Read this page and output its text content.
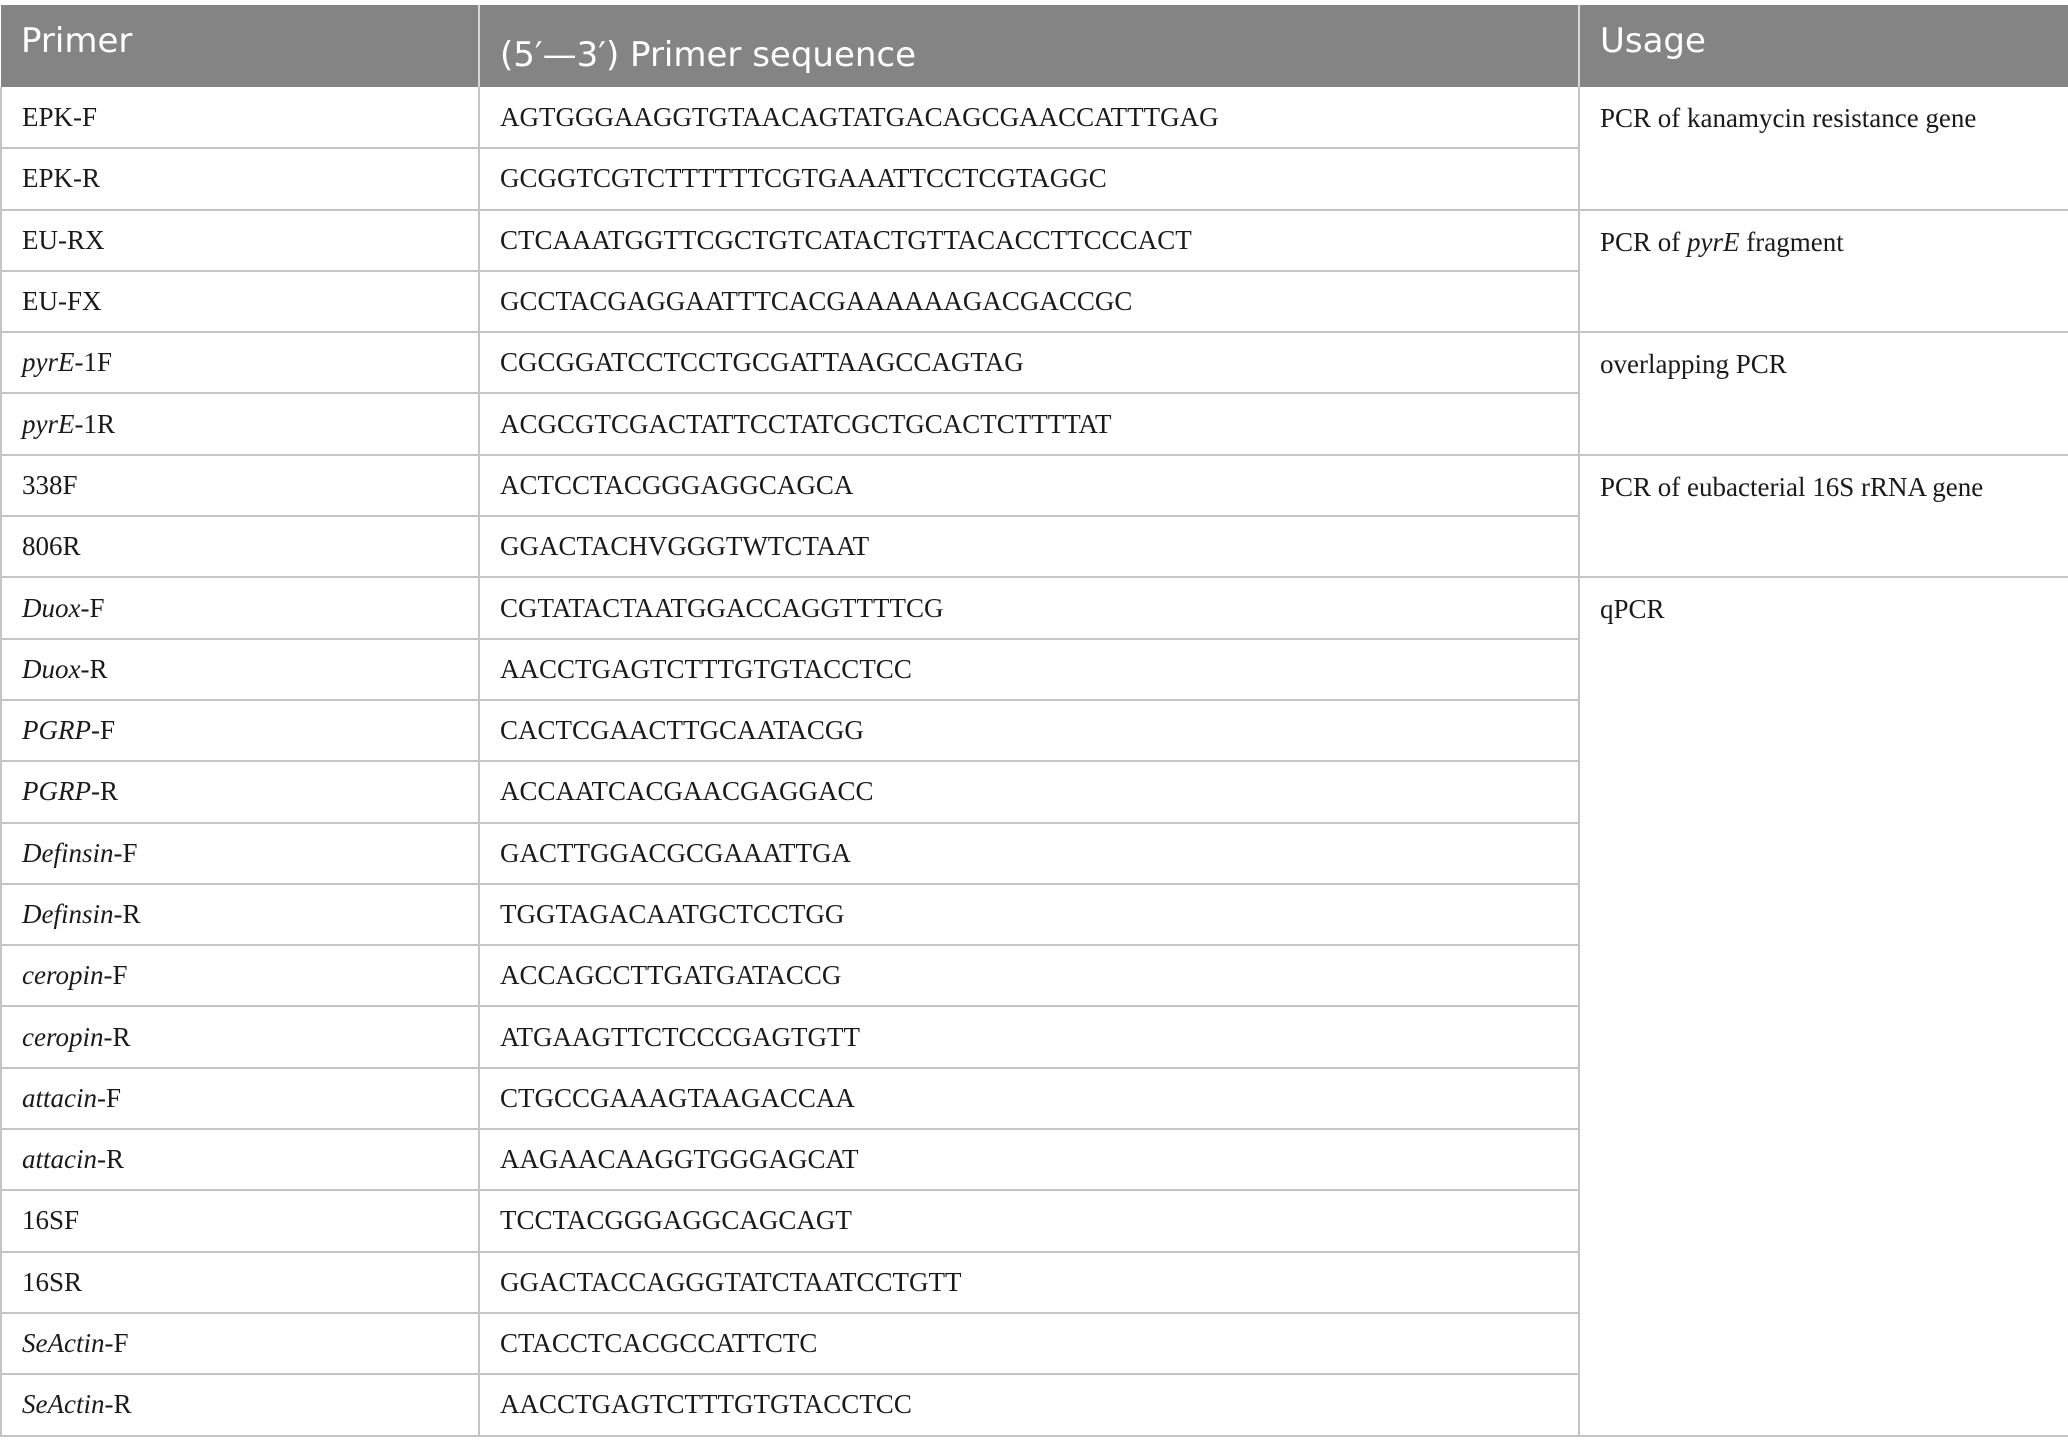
Primer	(5′—3′) Primer sequence	Usage
EPK-F	AGTGGGAAGGTGTAACAGTATGACAGCGAACCATTTGAG	PCR of kanamycin resistance gene
EPK-R	GCGGTCGTCTTTTTTCGTGAAATTCCTCGTAGGC	
EU-RX	CTCAAATGGTTCGCTGTCATACTGTTACACCTTCCCACT	PCR of pyrE fragment
EU-FX	GCCTACGAGGAATTTCACGAAAAAAGACGACCGC	
pyrE-1F	CGCGGATCCTCCTGCGATTAAGCCAGTAG	overlapping PCR
pyrE-1R	ACGCGTCGACTATTCCTATCGCTGCACTCTTTTAT	
338F	ACTCCTACGGGAGGCAGCA	PCR of eubacterial 16S rRNA gene
806R	GGACTACHVGGGTWTCTAAT	
Duox-F	CGTATACTAATGGACCAGGTTTTCG	qPCR
Duox-R	AACCTGAGTCTTTGTGTACCTCC	
PGRP-F	CACTCGAACTTGCAATACGG	
PGRP-R	ACCAATCACGAACGAGGACC	
Definsin-F	GACTTGGACGCGAAATTGA	
Definsin-R	TGGTAGACAATGCTCCTGG	
ceropin-F	ACCAGCCTTGATGATACCG	
ceropin-R	ATGAAGTTCTCCCGAGTGTT	
attacin-F	CTGCCGAAAGTAAGACCAA	
attacin-R	AAGAACAAGGTGGGAGCAT	
16SF	TCCTACGGGAGGCAGCAGT	
16SR	GGACTACCAGGGTATCTAATCCTGTT	
SeActin-F	CTACCTCACGCCATTCTC	
SeActin-R	AACCTGAGTCTTTGTGTACCTCC	
